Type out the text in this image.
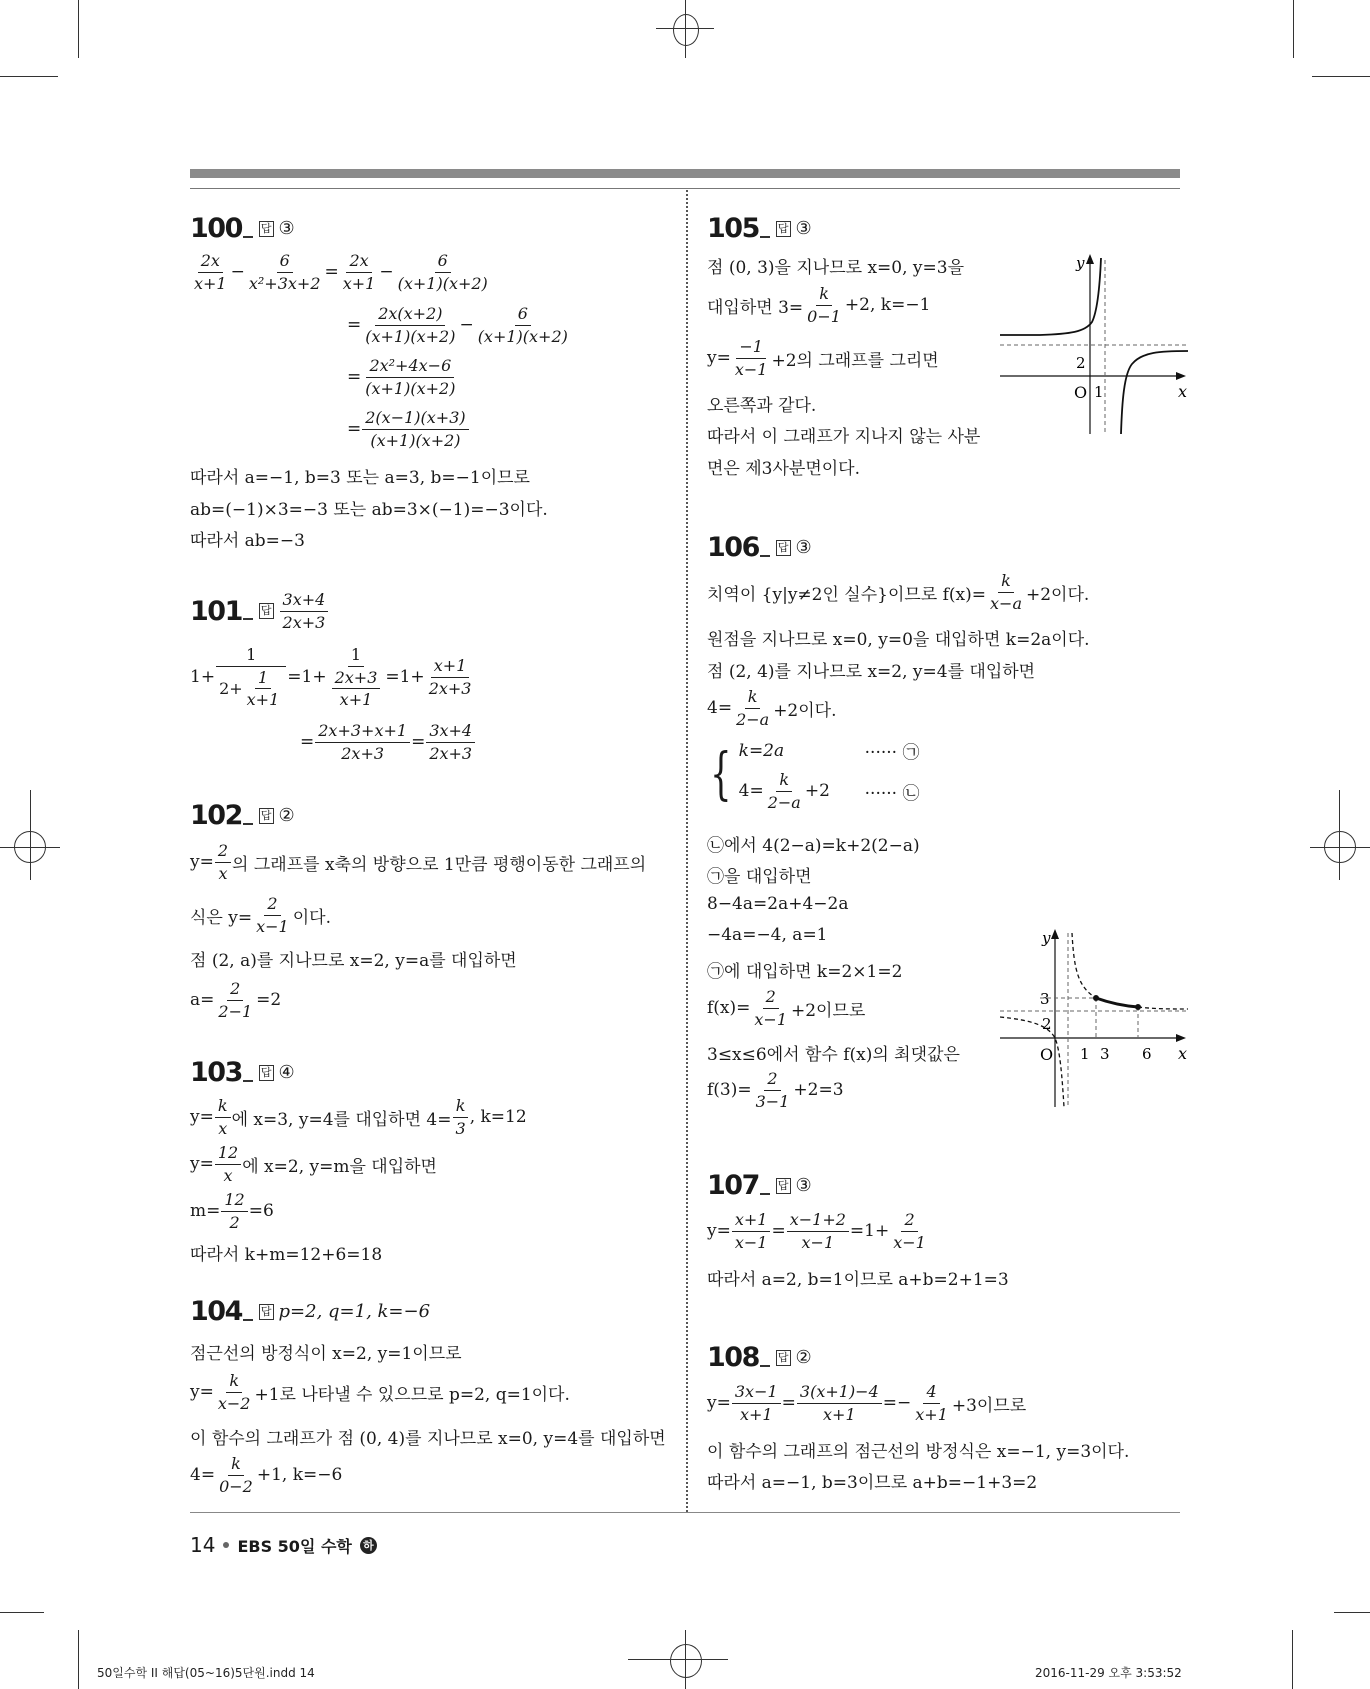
100 답 ③
$\frac{2x}{x+1} - \frac{6}{\text{x²+3x+2}} = \frac{2x}{x+1} - \frac{6}{(x+1)(x+2)}$
= $\frac{2x(x+2)}{(x+1)(x+2)} - \frac{6}{(x+1)(x+2)}$
= $\frac{\text{2x²+4x−6}}{(x+1)(x+2)}$
= $\frac{2(x-1)(x+3)}{(x+1)(x+2)}$
따라서 a=−1, b=3 또는 a=3, b=−1이므로
ab=(−1)×3=−3 또는 ab=3×(−1)=−3이다.
따라서 ab=−3
101 답 $\frac{3x+4}{2x+3}$
$1+ \frac{1}{2+ \frac{1}{x+1}} =1+ \frac{1}{\frac{2x+3}{x+1}} =1+ \frac{x+1}{2x+3}$
= $\frac{2x+3+x+1}{2x+3} = \frac{3x+4}{2x+3}$
102 답 ②
$y= \frac{2}{x}$ 의 그래프를 x축의 방향으로 1만큼 평행이동한 그래프의
식은 $y= \frac{2}{x-1}$ 이다.
점 (2, a)를 지나므로 x=2, y=a를 대입하면
$a= \frac{2}{2-1} =2$
103 답 ④
$y= \frac{k}{x}$ 에 x=3, y=4를 대입하면 $4= \frac{k}{3}$ , k=12
$y= \frac{12}{x}$ 에 x=2, y=m을 대입하면
$m= \frac{12}{2} =6$
따라서 k+m=12+6=18
104 답 p=2, q=1, k=−6
점근선의 방정식이 x=2, y=1이므로
$y= \frac{k}{x-2} +1$로 나타낼 수 있으므로 p=2, q=1이다.
이 함수의 그래프가 점 (0, 4)를 지나므로 x=0, y=4를 대입하면
$4= \frac{k}{0-2} +1$, k=−6
105 답 ③
점 (0, 3)을 지나므로 x=0, y=3을
대입하면 $3= \frac{k}{0-1} +2$, k=−1
$y= \frac{-1}{x-1} +2$의 그래프를 그리면
오른쪽과 같다.
따라서 이 그래프가 지나지 않는 사분
면은 제3사분면이다.
y
x
O 1
2
106 답 ③
치역이 {y|y≠2인 실수}이므로 $f(x)= \frac{k}{x-a} +2$이다.
원점을 지나므로 x=0, y=0을 대입하면 k=2a이다.
점 (2, 4)를 지나므로 x=2, y=4를 대입하면
$4= \frac{k}{2-a} +2$이다.
{ k=2a	······ ㉠
$4= \frac{k}{2-a} +2$ ······ ㉡
㉡에서 4(2−a)=k+2(2−a)
㉠을 대입하면
8−4a=2a+4−2a
−4a=−4, a=1
㉠에 대입하면 k=2×1=2
$f(x)= \frac{2}{x-1} +2$이므로
3≤x≤6에서 함수 f(x)의 최댓값은
$f(3)= \frac{2}{3-1} +2=3$
y
x
O 1 3 6
3
2
107 답 ③
$y= \frac{x+1}{x-1} = \frac{x-1+2}{x-1} =1+ \frac{2}{x-1}$
따라서 a=2, b=1이므로 a+b=2+1=3
108 답 ②
$y= \frac{3x-1}{x+1} = \frac{3(x+1)-4}{x+1} =- \frac{4}{x+1} +3$이므로
이 함수의 그래프의 점근선의 방정식은 x=−1, y=3이다.
따라서 a=−1, b=3이므로 a+b=−1+3=2
14 EBS 50일 수학 하
50일수학 II 해답(05~16)5단원.indd 14	2016-11-29 오후 3:53:52
